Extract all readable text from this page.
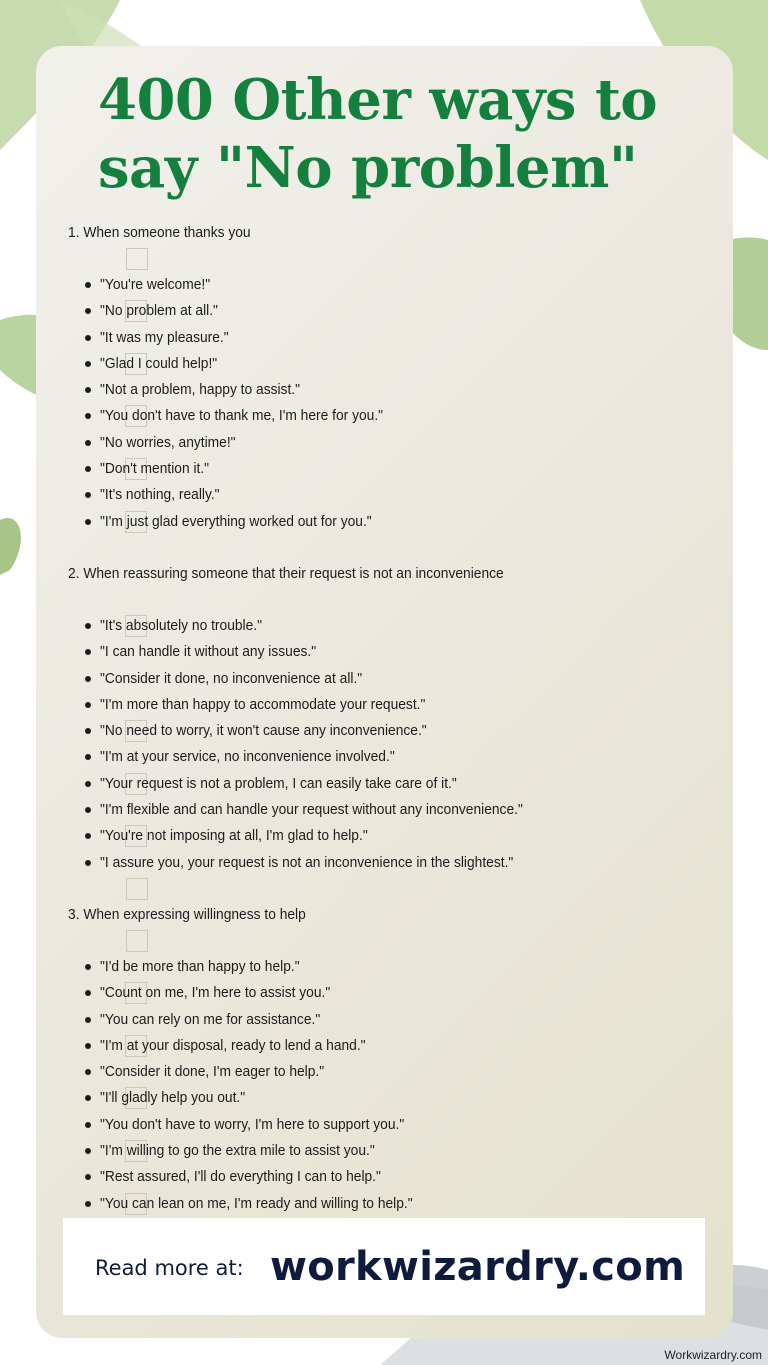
400 Other ways to say "No problem"
1. When someone thanks you
"You're welcome!"
"No problem at all."
"It was my pleasure."
"Glad I could help!"
"Not a problem, happy to assist."
"You don't have to thank me, I'm here for you."
"No worries, anytime!"
"Don't mention it."
"It's nothing, really."
"I'm just glad everything worked out for you."
2. When reassuring someone that their request is not an inconvenience
"It's absolutely no trouble."
"I can handle it without any issues."
"Consider it done, no inconvenience at all."
"I'm more than happy to accommodate your request."
"No need to worry, it won't cause any inconvenience."
"I'm at your service, no inconvenience involved."
"Your request is not a problem, I can easily take care of it."
"I'm flexible and can handle your request without any inconvenience."
"You're not imposing at all, I'm glad to help."
"I assure you, your request is not an inconvenience in the slightest."
3. When expressing willingness to help
"I'd be more than happy to help."
"Count on me, I'm here to assist you."
"You can rely on me for assistance."
"I'm at your disposal, ready to lend a hand."
"Consider it done, I'm eager to help."
"I'll gladly help you out."
"You don't have to worry, I'm here to support you."
"I'm willing to go the extra mile to assist you."
"Rest assured, I'll do everything I can to help."
"You can lean on me, I'm ready and willing to help."
Read more at: workwizardry.com
Workwizardry.com
